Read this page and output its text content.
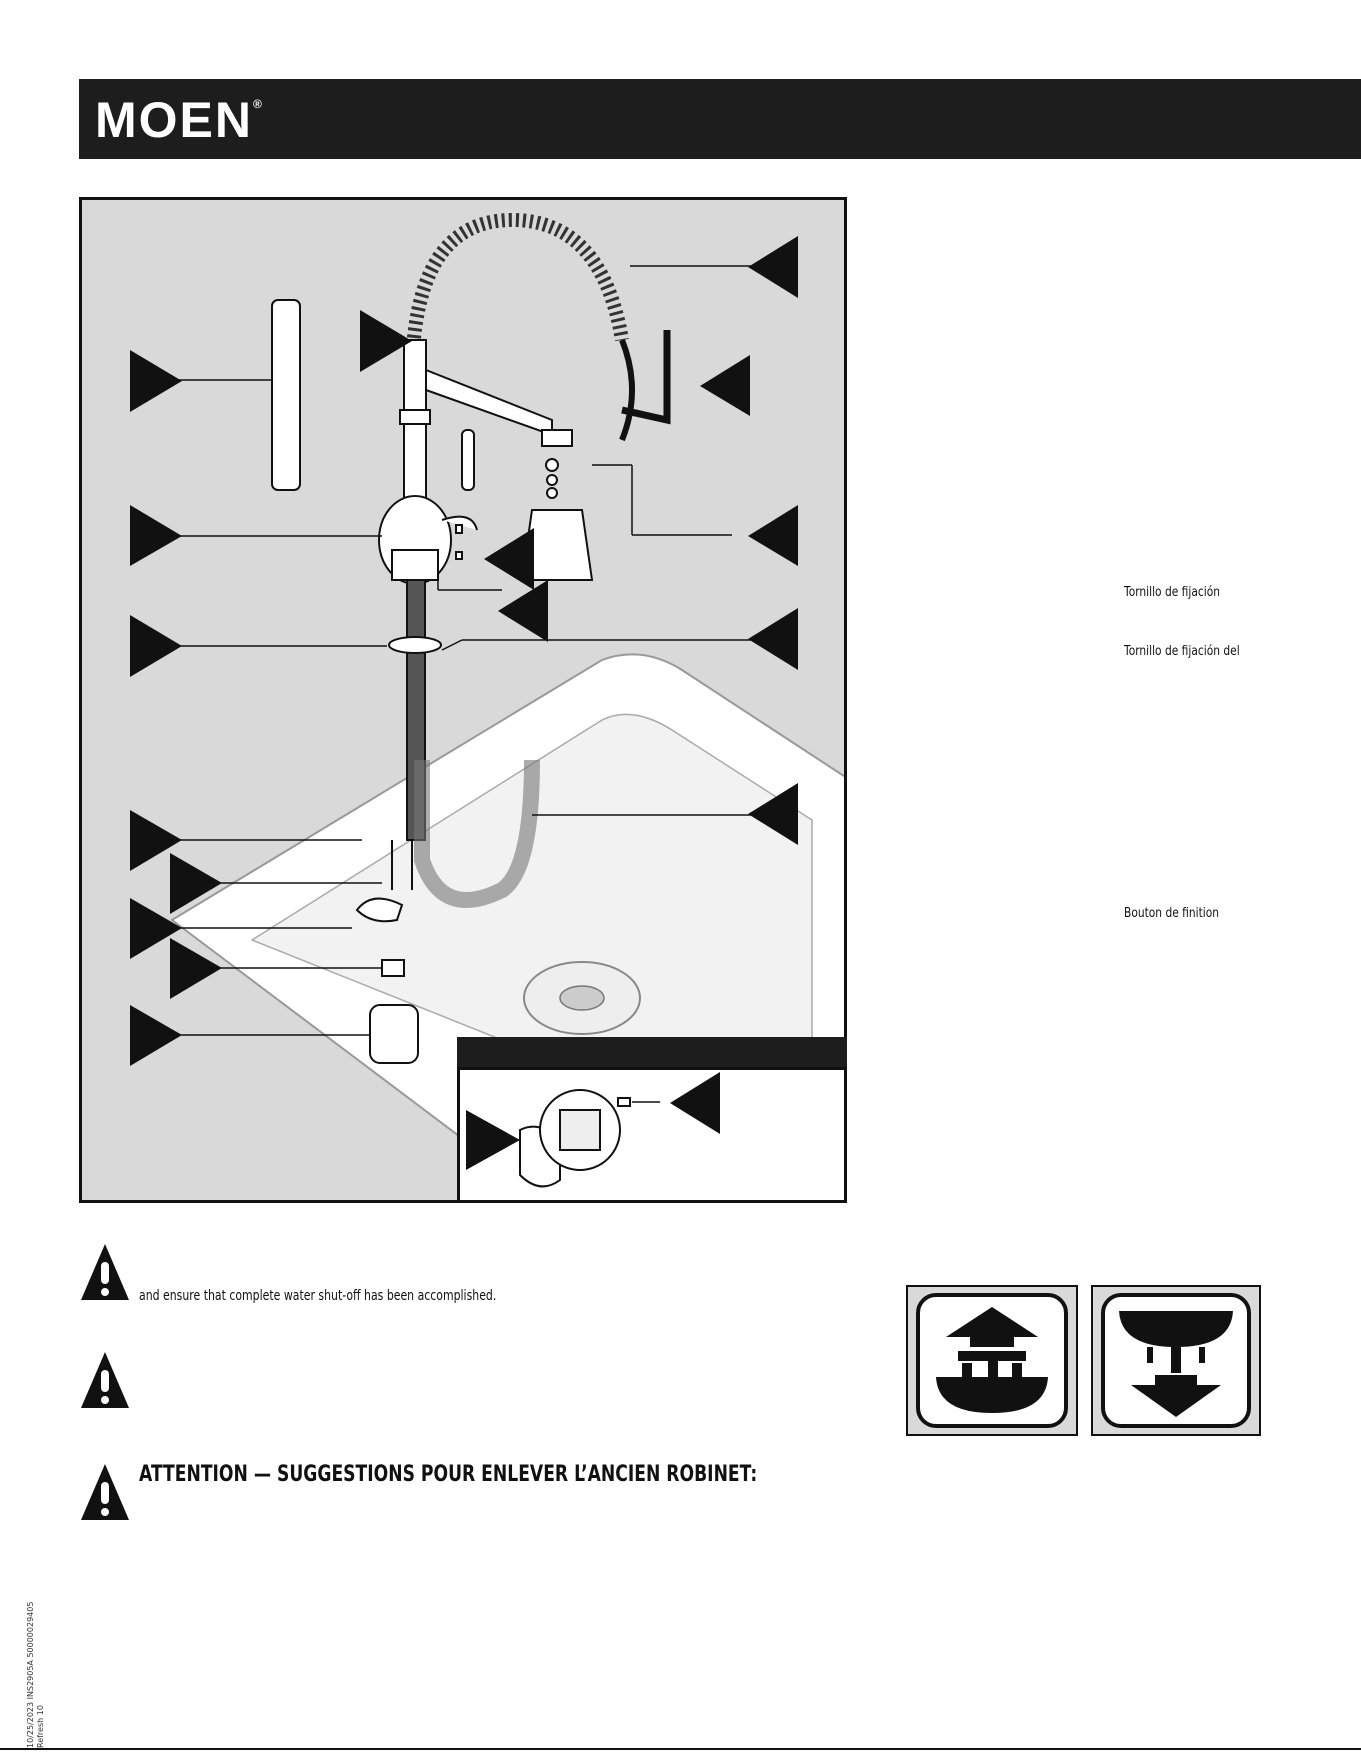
MOEN®
Tornillo de fijación
Tornillo de fijación del
Bouton de finition
and ensure that complete water shut-off has been accomplished.
ATTENTION — SUGGESTIONS POUR ENLEVER L’ANCIEN ROBINET:
10/25/2023 INS2905A 50000029405 Refresh 10
